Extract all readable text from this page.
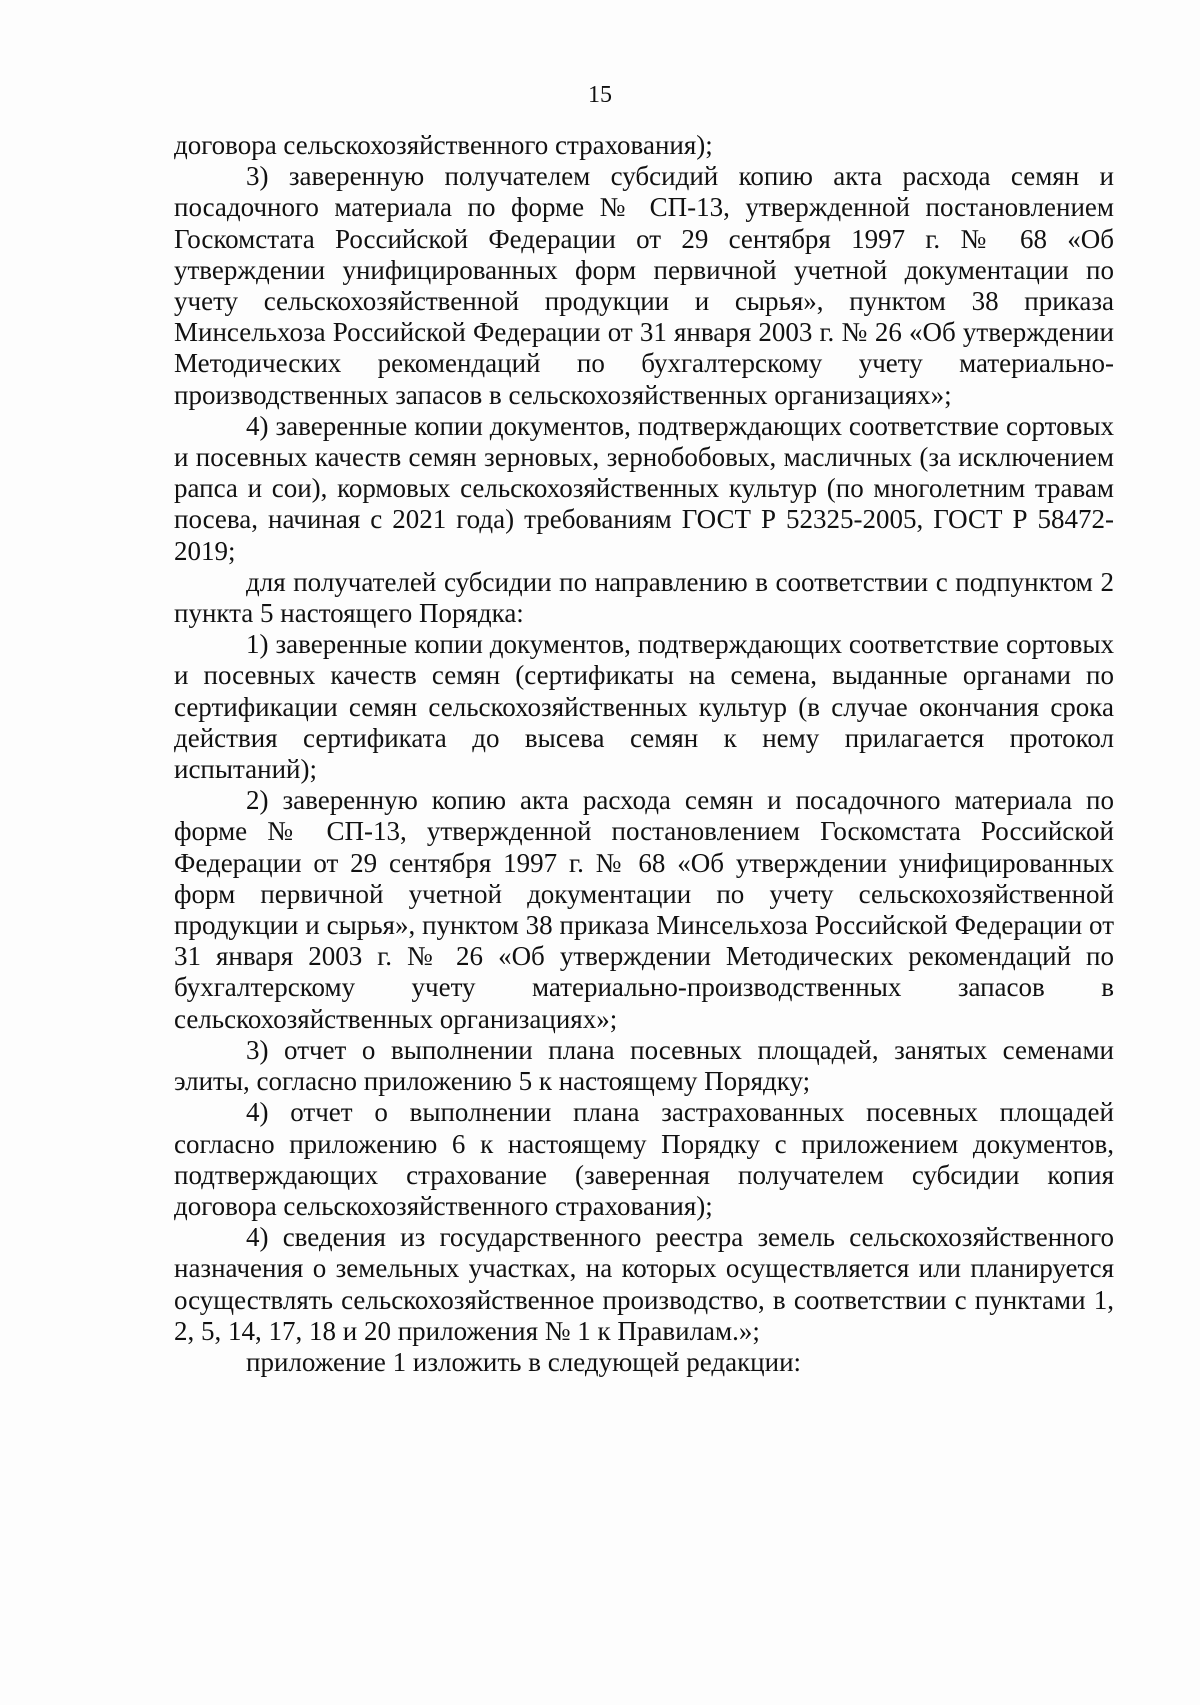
15

договора сельскохозяйственного страхования);

3) заверенную получателем субсидий копию акта расхода семян и посадочного материала по форме № СП-13, утвержденной постановлением Госкомстата Российской Федерации от 29 сентября 1997 г. № 68 «Об утверждении унифицированных форм первичной учетной документации по учету сельскохозяйственной продукции и сырья», пунктом 38 приказа Минсельхоза Российской Федерации от 31 января 2003 г. № 26 «Об утверждении Методических рекомендаций по бухгалтерскому учету материально-производственных запасов в сельскохозяйственных организациях»;

4) заверенные копии документов, подтверждающих соответствие сортовых и посевных качеств семян зерновых, зернобобовых, масличных (за исключением рапса и сои), кормовых сельскохозяйственных культур (по многолетним травам посева, начиная с 2021 года) требованиям ГОСТ Р 52325-2005, ГОСТ Р 58472-2019;

для получателей субсидии по направлению в соответствии с подпунктом 2 пункта 5 настоящего Порядка:

1) заверенные копии документов, подтверждающих соответствие сортовых и посевных качеств семян (сертификаты на семена, выданные органами по сертификации семян сельскохозяйственных культур (в случае окончания срока действия сертификата до высева семян к нему прилагается протокол испытаний);

2) заверенную копию акта расхода семян и посадочного материала по форме № СП-13, утвержденной постановлением Госкомстата Российской Федерации от 29 сентября 1997 г. № 68 «Об утверждении унифицированных форм первичной учетной документации по учету сельскохозяйственной продукции и сырья», пунктом 38 приказа Минсельхоза Российской Федерации от 31 января 2003 г. № 26 «Об утверждении Методических рекомендаций по бухгалтерскому учету материально-производственных запасов в сельскохозяйственных организациях»;

3) отчет о выполнении плана посевных площадей, занятых семенами элиты, согласно приложению 5 к настоящему Порядку;

4) отчет о выполнении плана застрахованных посевных площадей согласно приложению 6 к настоящему Порядку с приложением документов, подтверждающих страхование (заверенная получателем субсидии копия договора сельскохозяйственного страхования);

4) сведения из государственного реестра земель сельскохозяйственного назначения о земельных участках, на которых осуществляется или планируется осуществлять сельскохозяйственное производство, в соответствии с пунктами 1, 2, 5, 14, 17, 18 и 20 приложения № 1 к Правилам.»;

приложение 1 изложить в следующей редакции:
